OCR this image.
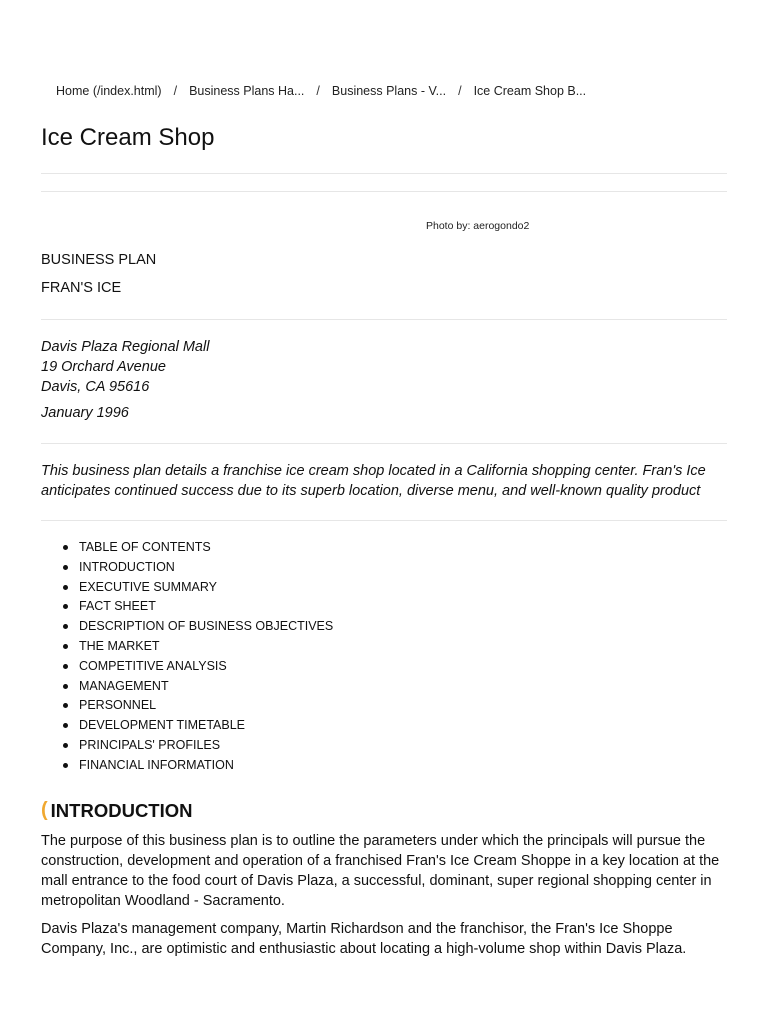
Home (/index.html) / Business Plans Ha... / Business Plans - V... / Ice Cream Shop B...
Ice Cream Shop
Photo by: aerogondo2
BUSINESS PLAN
FRAN'S ICE
Davis Plaza Regional Mall
19 Orchard Avenue
Davis, CA 95616
January 1996

This business plan details a franchise ice cream shop located in a California shopping center. Fran's Ice anticipates continued success due to its superb location, diverse menu, and well-known quality product

TABLE OF CONTENTS
INTRODUCTION
EXECUTIVE SUMMARY
FACT SHEET
DESCRIPTION OF BUSINESS OBJECTIVES
THE MARKET
COMPETITIVE ANALYSIS
MANAGEMENT
PERSONNEL
DEVELOPMENT TIMETABLE
PRINCIPALS' PROFILES
FINANCIAL INFORMATION
( INTRODUCTION

The purpose of this business plan is to outline the parameters under which the principals will pursue the construction, development and operation of a franchised Fran's Ice Cream Shoppe in a key location at the mall entrance to the food court of Davis Plaza, a successful, dominant, super regional shopping center in metropolitan Woodland - Sacramento.

Davis Plaza's management company, Martin Richardson and the franchisor, the Fran's Ice Shoppe Company, Inc., are optimistic and enthusiastic about locating a high-volume shop within Davis Plaza.
